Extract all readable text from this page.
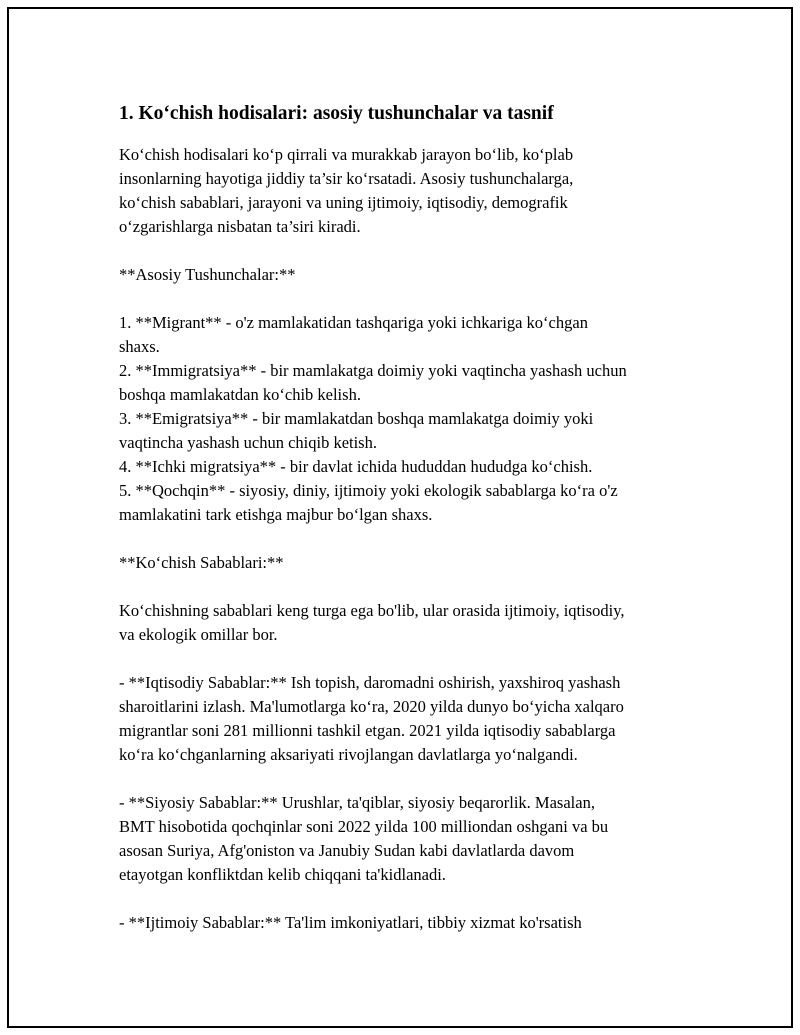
1. Ko‘chish hodisalari: asosiy tushunchalar va tasnif

Ko‘chish hodisalari ko‘p qirrali va murakkab jarayon bo‘lib, ko‘plab
insonlarning hayotiga jiddiy ta’sir ko‘rsatadi. Asosiy tushunchalarga,
ko‘chish sabablari, jarayoni va uning ijtimoiy, iqtisodiy, demografik
o‘zgarishlarga nisbatan ta’siri kiradi.

**Asosiy Tushunchalar:**

1. **Migrant** - o'z mamlakatidan tashqariga yoki ichkariga ko‘chgan
shaxs.
2. **Immigratsiya** - bir mamlakatga doimiy yoki vaqtincha yashash uchun
boshqa mamlakatdan ko‘chib kelish.
3. **Emigratsiya** - bir mamlakatdan boshqa mamlakatga doimiy yoki
vaqtincha yashash uchun chiqib ketish.
4. **Ichki migratsiya** - bir davlat ichida hududdan hududga ko‘chish.
5. **Qochqin** - siyosiy, diniy, ijtimoiy yoki ekologik sabablarga ko‘ra o'z
mamlakatini tark etishga majbur bo‘lgan shaxs.

**Ko‘chish Sabablari:**

Ko‘chishning sabablari keng turga ega bo'lib, ular orasida ijtimoiy, iqtisodiy,
va ekologik omillar bor.

- **Iqtisodiy Sabablar:** Ish topish, daromadni oshirish, yaxshiroq yashash
sharoitlarini izlash. Ma'lumotlarga ko‘ra, 2020 yilda dunyo bo‘yicha xalqaro
migrantlar soni 281 millionni tashkil etgan. 2021 yilda iqtisodiy sabablarga
ko‘ra ko‘chganlarning aksariyati rivojlangan davlatlarga yo‘nalgandi.

- **Siyosiy Sabablar:** Urushlar, ta'qiblar, siyosiy beqarorlik. Masalan,
BMT hisobotida qochqinlar soni 2022 yilda 100 milliondan oshgani va bu
asosan Suriya, Afg'oniston va Janubiy Sudan kabi davlatlarda davom
etayotgan konfliktdan kelib chiqqani ta'kidlanadi.

- **Ijtimoiy Sabablar:** Ta'lim imkoniyatlari, tibbiy xizmat ko'rsatish
